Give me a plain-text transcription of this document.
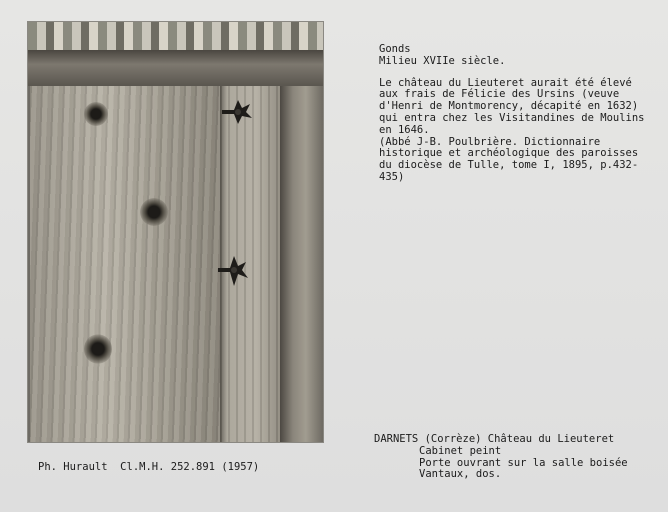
Gonds

Milieu XVIIe siècle.

Le château du Lieuteret aurait été élevé
aux frais de Félicie des Ursins (veuve
d'Henri de Montmorency, décapité en 1632)
qui entra chez les Visitandines de Moulins
en 1646.

(Abbé J-B. Poulbrière. Dictionnaire
historique et archéologique des paroisses
du diocèse de Tulle, tome I, 1895, p.432-
435)

DARNETS (Corrèze) Château du Lieuteret

Cabinet peint

Porte ouvrant sur la salle boisée

Vantaux, dos.

Ph. Hurault  Cl.M.H. 252.891 (1957)
